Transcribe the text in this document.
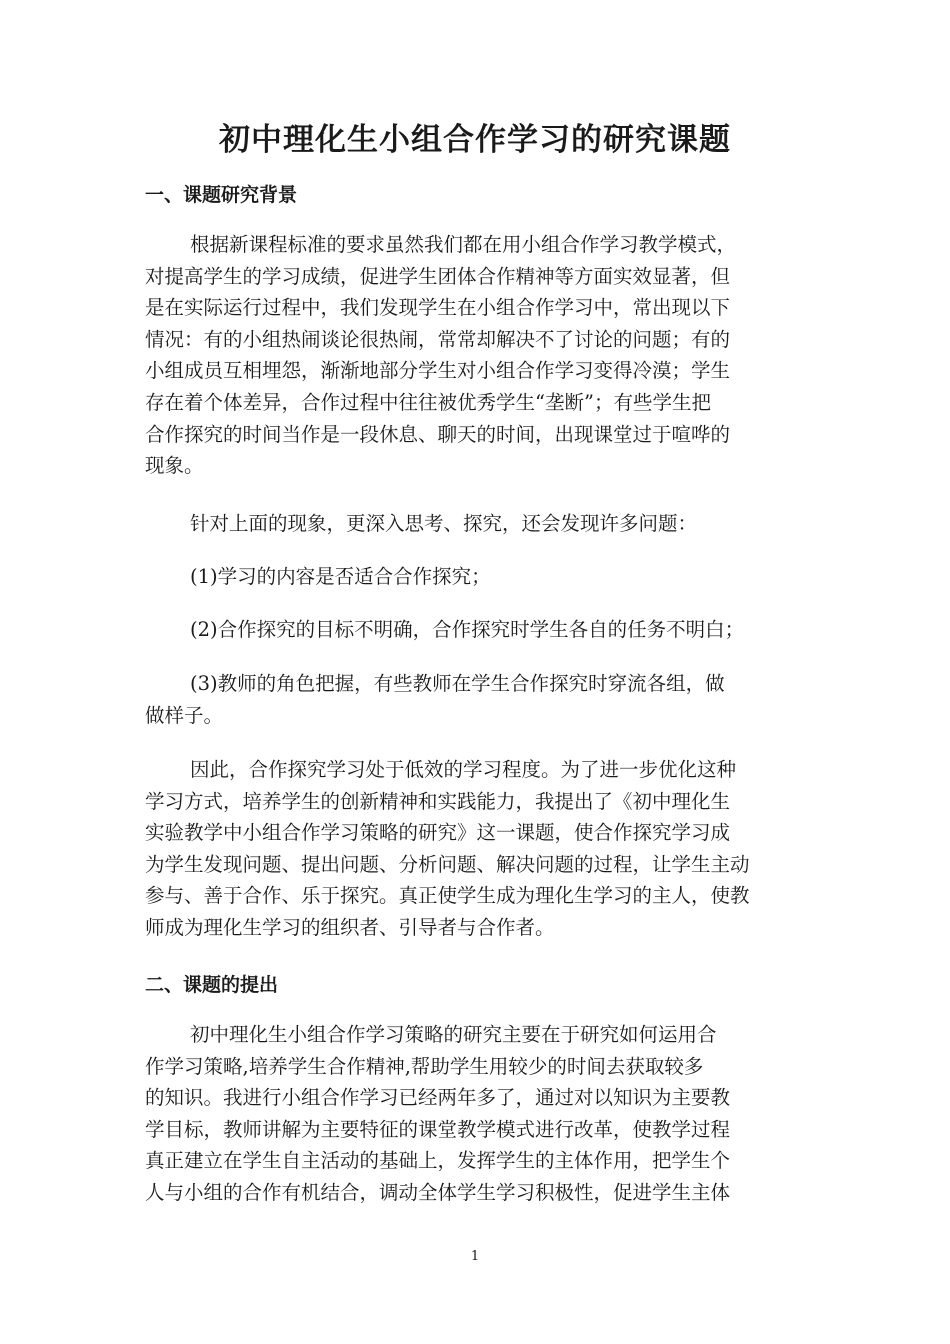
初中理化生小组合作学习的研究课题
一、课题研究背景

根据新课程标准的要求虽然我们都在用小组合作学习教学模式，
对提高学生的学习成绩，促进学生团体合作精神等方面实效显著，但
是在实际运行过程中，我们发现学生在小组合作学习中，常出现以下
情况：有的小组热闹谈论很热闹，常常却解决不了讨论的问题；有的
小组成员互相埋怨，渐渐地部分学生对小组合作学习变得冷漠；学生
存在着个体差异，合作过程中往往被优秀学生“垄断”；有些学生把
合作探究的时间当作是一段休息、聊天的时间，出现课堂过于喧哗的
现象。

针对上面的现象，更深入思考、探究，还会发现许多问题：

(1)学习的内容是否适合合作探究；

(2)合作探究的目标不明确，合作探究时学生各自的任务不明白；

(3)教师的角色把握，有些教师在学生合作探究时穿流各组，做
做样子。

因此，合作探究学习处于低效的学习程度。为了进一步优化这种
学习方式，培养学生的创新精神和实践能力，我提出了《初中理化生
实验教学中小组合作学习策略的研究》这一课题，使合作探究学习成
为学生发现问题、提出问题、分析问题、解决问题的过程，让学生主动
参与、善于合作、乐于探究。真正使学生成为理化生学习的主人，使教
师成为理化生学习的组织者、引导者与合作者。

二、课题的提出

初中理化生小组合作学习策略的研究主要在于研究如何运用合
作学习策略,培养学生合作精神,帮助学生用较少的时间去获取较多
的知识。我进行小组合作学习已经两年多了，通过对以知识为主要教
学目标，教师讲解为主要特征的课堂教学模式进行改革，使教学过程
真正建立在学生自主活动的基础上，发挥学生的主体作用，把学生个
人与小组的合作有机结合，调动全体学生学习积极性，促进学生主体

1
